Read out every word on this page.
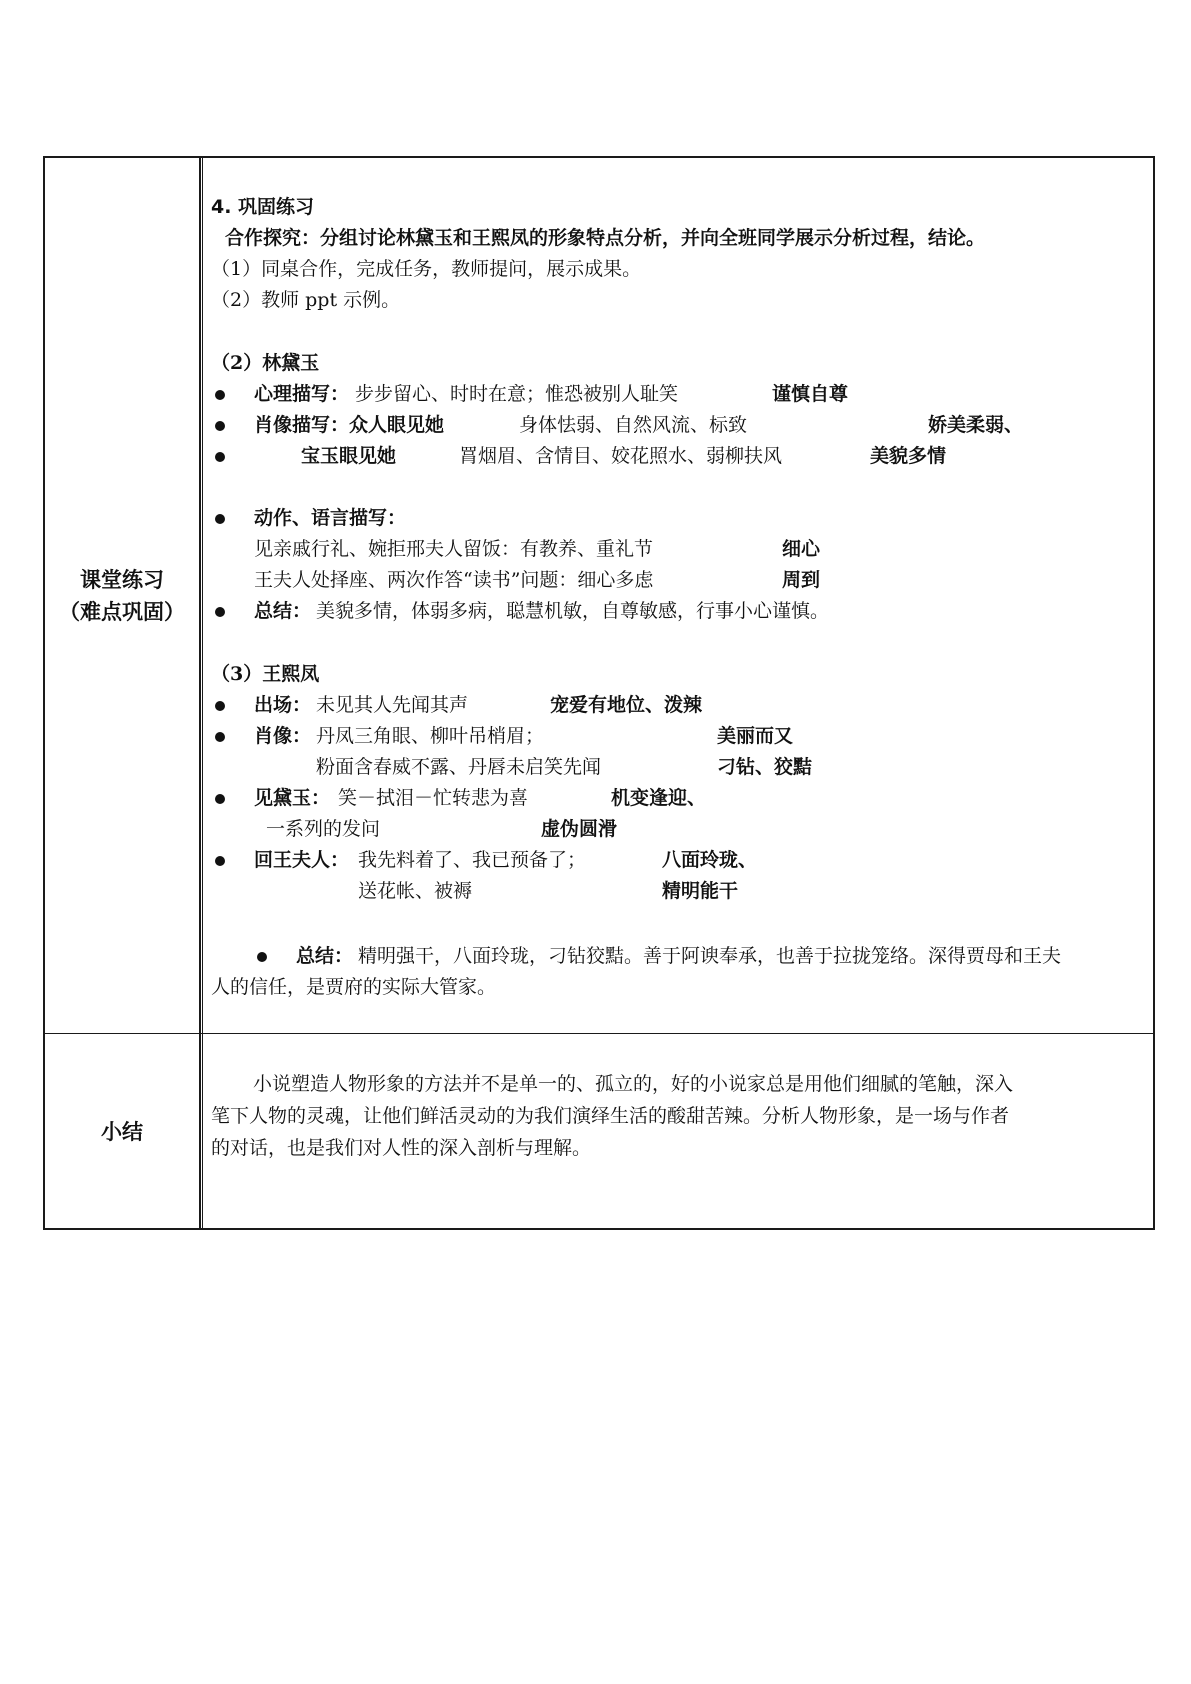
课堂练习
（难点巩固）
4. 巩固练习
合作探究：分组讨论林黛玉和王熙凤的形象特点分析，并向全班同学展示分析过程，结论。
（1）同桌合作，完成任务，教师提问，展示成果。
（2）教师 ppt 示例。
（2）林黛玉
心理描写： 步步留心、时时在意；惟恐被别人耻笑	谨慎自尊
肖像描写：众人眼见她	身体怯弱、自然风流、标致	娇美柔弱、
宝玉眼见她	罥烟眉、含情目、姣花照水、弱柳扶风	美貌多情
动作、语言描写：
见亲戚行礼、婉拒邢夫人留饭：有教养、重礼节	细心
王夫人处择座、两次作答“读书”问题：细心多虑	周到
总结： 美貌多情，体弱多病，聪慧机敏，自尊敏感，行事小心谨慎。
（3）王熙凤
出场： 未见其人先闻其声	宠爱有地位、泼辣
肖像： 丹凤三角眼、柳叶吊梢眉；	美丽而又
粉面含春威不露、丹唇未启笑先闻	刁钻、狡黠
见黛玉： 笑－拭泪－忙转悲为喜	机变逢迎、
一系列的发问	虚伪圆滑
回王夫人： 我先料着了、我已预备了；	八面玲珑、
送花帐、被褥	精明能干
总结： 精明强干，八面玲珑，刁钻狡黠。善于阿谀奉承，也善于拉拢笼络。深得贾母和王夫
人的信任，是贾府的实际大管家。
小结
小说塑造人物形象的方法并不是单一的、孤立的，好的小说家总是用他们细腻的笔触，深入
笔下人物的灵魂，让他们鲜活灵动的为我们演绎生活的酸甜苦辣。分析人物形象，是一场与作者
的对话，也是我们对人性的深入剖析与理解。
